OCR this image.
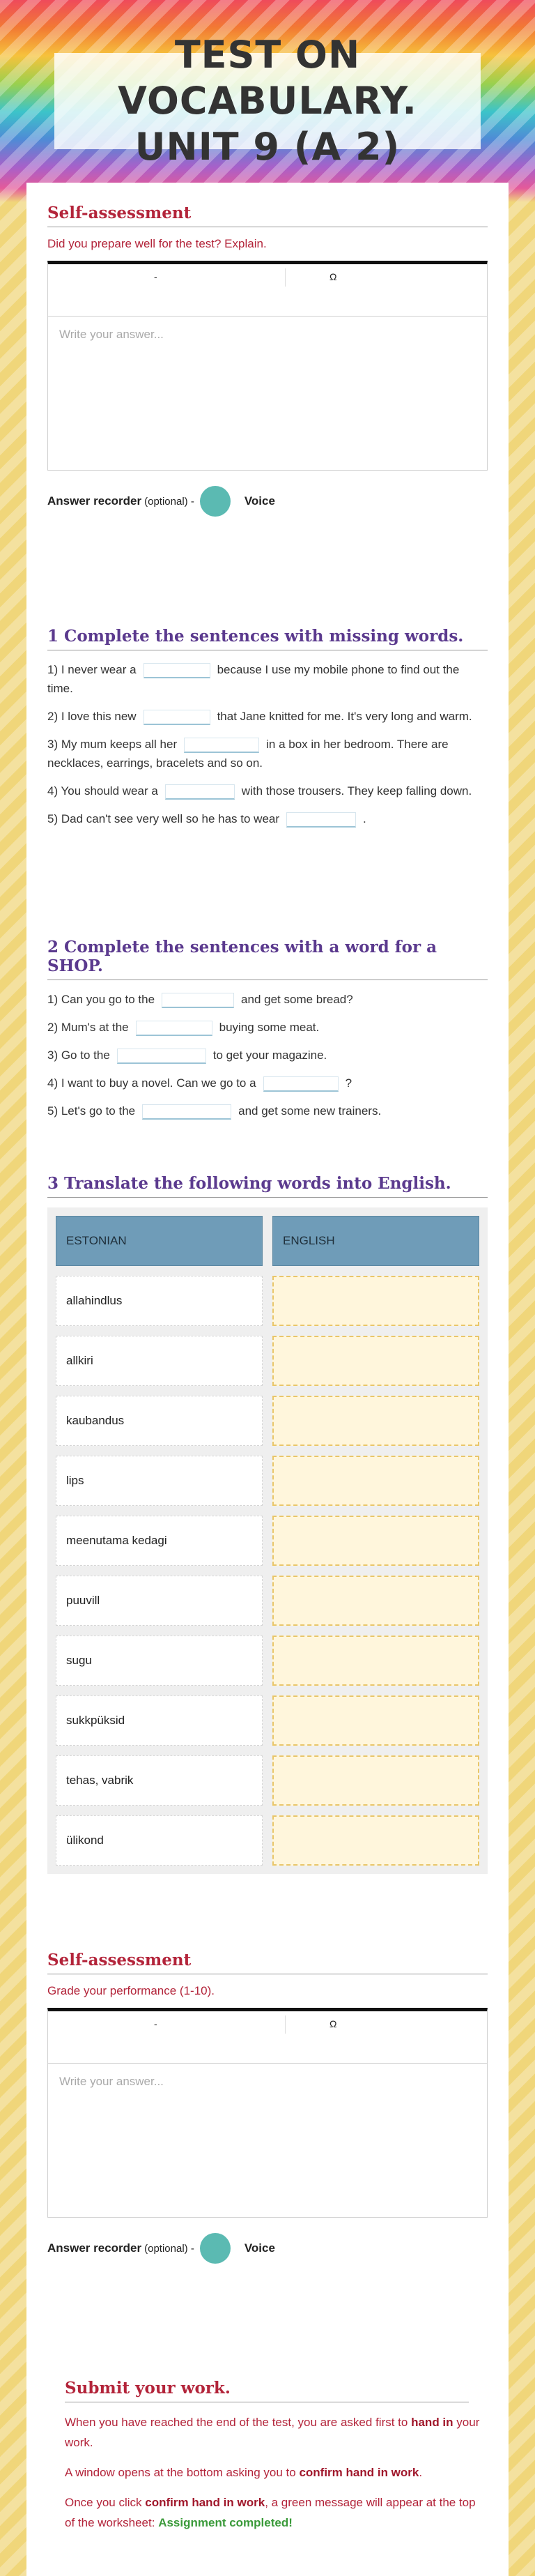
TEST ON VOCABULARY.
UNIT 9 (A 2)
Self-assessment
Did you prepare well for the test? Explain.
-	Ω
Write your answer...
Answer recorder (optional) -	Voice
1 Complete the sentences with missing words.
1) I never wear a	because I use my mobile phone to find out the time.
2) I love this new	that Jane knitted for me. It's very long and warm.
3) My mum keeps all her	in a box in her bedroom. There are necklaces, earrings, bracelets and so on.
4) You should wear a	with those trousers. They keep falling down.
5) Dad can't see very well so he has to wear	.
2 Complete the sentences with a word for a SHOP.
1) Can you go to the	and get some bread?
2) Mum's at the	buying some meat.
3) Go to the	to get your magazine.
4) I want to buy a novel. Can we go to a	?
5) Let's go to the	and get some new trainers.
3 Translate the following words into English.
ESTONIAN	ENGLISH
allahindlus
allkiri
kaubandus
lips
meenutama kedagi
puuvill
sugu
sukkpüksid
tehas, vabrik
ülikond
Self-assessment
Grade your performance (1-10).
-	Ω
Write your answer...
Answer recorder (optional) -	Voice
Submit your work.

When you have reached the end of the test, you are asked first to hand in your work.

A window opens at the bottom asking you to confirm hand in work.

Once you click confirm hand in work, a green message will appear at the top of the worksheet: Assignment completed!
